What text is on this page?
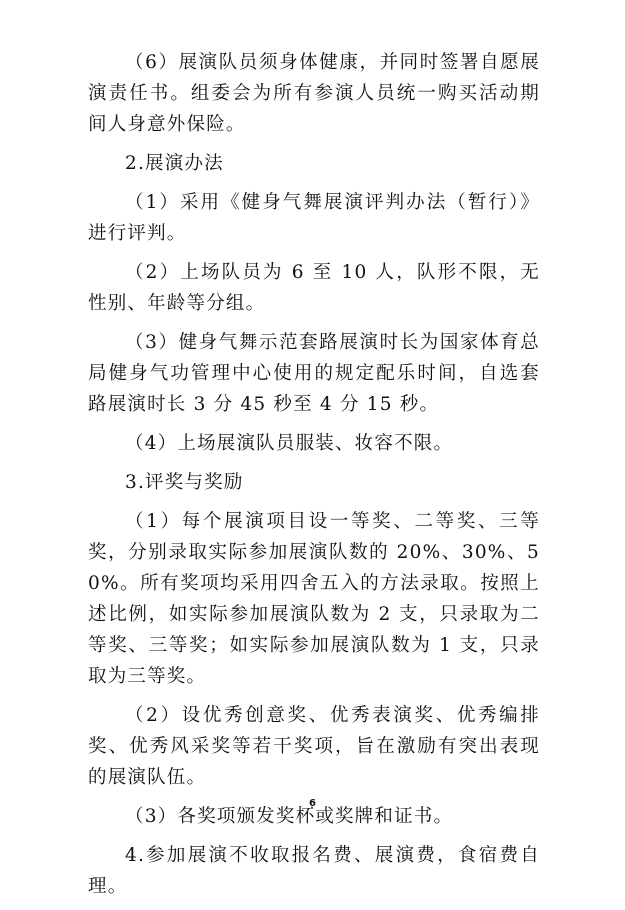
（6）展演队员须身体健康，并同时签署自愿展演责任书。组委会为所有参演人员统一购买活动期间人身意外保险。

2.展演办法

（1）采用《健身气舞展演评判办法（暂行）》进行评判。

（2）上场队员为 6 至 10 人，队形不限，无性别、年龄等分组。

（3）健身气舞示范套路展演时长为国家体育总局健身气功管理中心使用的规定配乐时间，自选套路展演时长 3 分 45 秒至 4 分 15 秒。

（4）上场展演队员服装、妆容不限。

3.评奖与奖励

（1）每个展演项目设一等奖、二等奖、三等奖，分别录取实际参加展演队数的 20%、30%、50%。所有奖项均采用四舍五入的方法录取。按照上述比例，如实际参加展演队数为 2 支，只录取为二等奖、三等奖；如实际参加展演队数为 1 支，只录取为三等奖。

（2）设优秀创意奖、优秀表演奖、优秀编排奖、优秀风采奖等若干奖项，旨在激励有突出表现的展演队伍。

（3）各奖项颁发奖杯或奖牌和证书。

4.参加展演不收取报名费、展演费，食宿费自理。

6
